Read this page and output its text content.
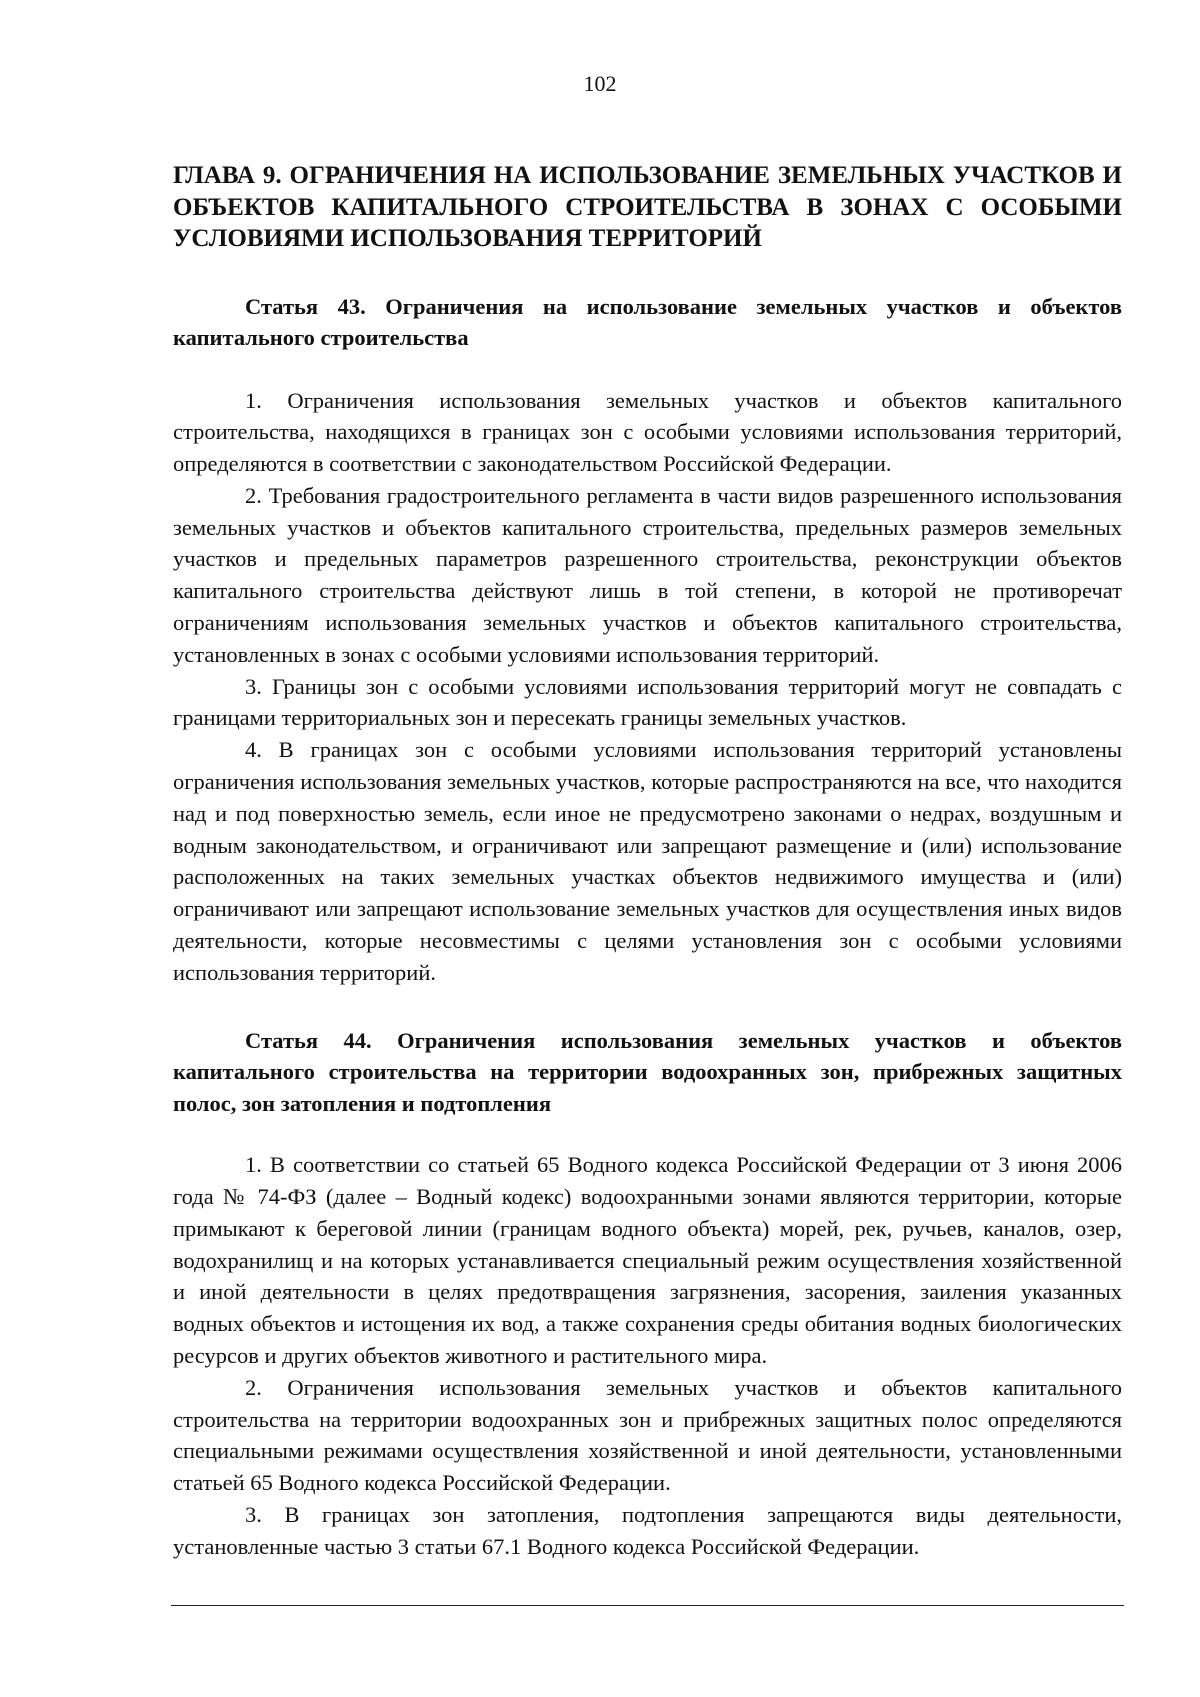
102
ГЛАВА 9. ОГРАНИЧЕНИЯ НА ИСПОЛЬЗОВАНИЕ ЗЕМЕЛЬНЫХ УЧАСТКОВ И ОБЪЕКТОВ КАПИТАЛЬНОГО СТРОИТЕЛЬСТВА В ЗОНАХ С ОСОБЫМИ УСЛОВИЯМИ ИСПОЛЬЗОВАНИЯ ТЕРРИТОРИЙ
Статья 43. Ограничения на использование земельных участков и объектов капитального строительства

1. Ограничения использования земельных участков и объектов капитального строительства, находящихся в границах зон с особыми условиями использования территорий, определяются в соответствии с законодательством Российской Федерации.

2. Требования градостроительного регламента в части видов разрешенного использования земельных участков и объектов капитального строительства, предельных размеров земельных участков и предельных параметров разрешенного строительства, реконструкции объектов капитального строительства действуют лишь в той степени, в которой не противоречат ограничениям использования земельных участков и объектов капитального строительства, установленных в зонах с особыми условиями использования территорий.

3. Границы зон с особыми условиями использования территорий могут не совпадать с границами территориальных зон и пересекать границы земельных участков.

4. В границах зон с особыми условиями использования территорий установлены ограничения использования земельных участков, которые распространяются на все, что находится над и под поверхностью земель, если иное не предусмотрено законами о недрах, воздушным и водным законодательством, и ограничивают или запрещают размещение и (или) использование расположенных на таких земельных участках объектов недвижимого имущества и (или) ограничивают или запрещают использование земельных участков для осуществления иных видов деятельности, которые несовместимы с целями установления зон с особыми условиями использования территорий.

Статья 44. Ограничения использования земельных участков и объектов капитального строительства на территории водоохранных зон, прибрежных защитных полос, зон затопления и подтопления

1. В соответствии со статьей 65 Водного кодекса Российской Федерации от 3 июня 2006 года № 74-ФЗ (далее – Водный кодекс) водоохранными зонами являются территории, которые примыкают к береговой линии (границам водного объекта) морей, рек, ручьев, каналов, озер, водохранилищ и на которых устанавливается специальный режим осуществления хозяйственной и иной деятельности в целях предотвращения загрязнения, засорения, заиления указанных водных объектов и истощения их вод, а также сохранения среды обитания водных биологических ресурсов и других объектов животного и растительного мира.

2. Ограничения использования земельных участков и объектов капитального строительства на территории водоохранных зон и прибрежных защитных полос определяются специальными режимами осуществления хозяйственной и иной деятельности, установленными статьей 65 Водного кодекса Российской Федерации.

3. В границах зон затопления, подтопления запрещаются виды деятельности, установленные частью 3 статьи 67.1 Водного кодекса Российской Федерации.
